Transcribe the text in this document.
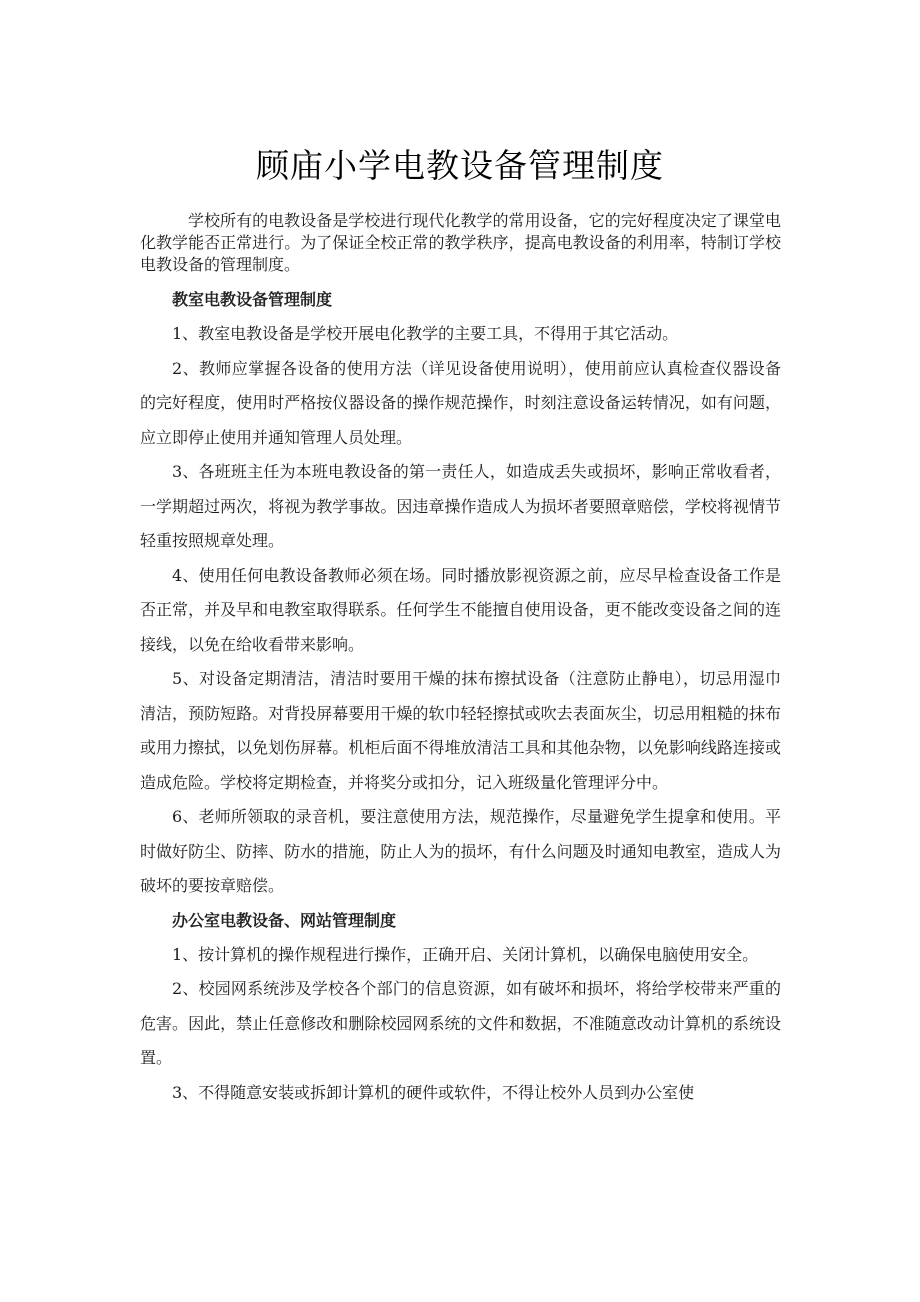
顾庙小学电教设备管理制度

学校所有的电教设备是学校进行现代化教学的常用设备，它的完好程度决定了课堂电化教学能否正常进行。为了保证全校正常的教学秩序，提高电教设备的利用率，特制订学校电教设备的管理制度。

教室电教设备管理制度

1、教室电教设备是学校开展电化教学的主要工具，不得用于其它活动。

2、教师应掌握各设备的使用方法（详见设备使用说明），使用前应认真检查仪器设备的完好程度，使用时严格按仪器设备的操作规范操作，时刻注意设备运转情况，如有问题，应立即停止使用并通知管理人员处理。

3、各班班主任为本班电教设备的第一责任人，如造成丢失或损坏，影响正常收看者，一学期超过两次，将视为教学事故。因违章操作造成人为损坏者要照章赔偿，学校将视情节轻重按照规章处理。

4、使用任何电教设备教师必须在场。同时播放影视资源之前，应尽早检查设备工作是否正常，并及早和电教室取得联系。任何学生不能擅自使用设备，更不能改变设备之间的连接线，以免在给收看带来影响。

5、对设备定期清洁，清洁时要用干燥的抹布擦拭设备（注意防止静电），切忌用湿巾清洁，预防短路。对背投屏幕要用干燥的软巾轻轻擦拭或吹去表面灰尘，切忌用粗糙的抹布或用力擦拭，以免划伤屏幕。机柜后面不得堆放清洁工具和其他杂物，以免影响线路连接或造成危险。学校将定期检查，并将奖分或扣分，记入班级量化管理评分中。

6、老师所领取的录音机，要注意使用方法，规范操作，尽量避免学生提拿和使用。平时做好防尘、防摔、防水的措施，防止人为的损坏，有什么问题及时通知电教室，造成人为破坏的要按章赔偿。

办公室电教设备、网站管理制度

1、按计算机的操作规程进行操作，正确开启、关闭计算机，以确保电脑使用安全。

2、校园网系统涉及学校各个部门的信息资源，如有破坏和损坏，将给学校带来严重的危害。因此，禁止任意修改和删除校园网系统的文件和数据，不准随意改动计算机的系统设置。

3、不得随意安装或拆卸计算机的硬件或软件，不得让校外人员到办公室使
